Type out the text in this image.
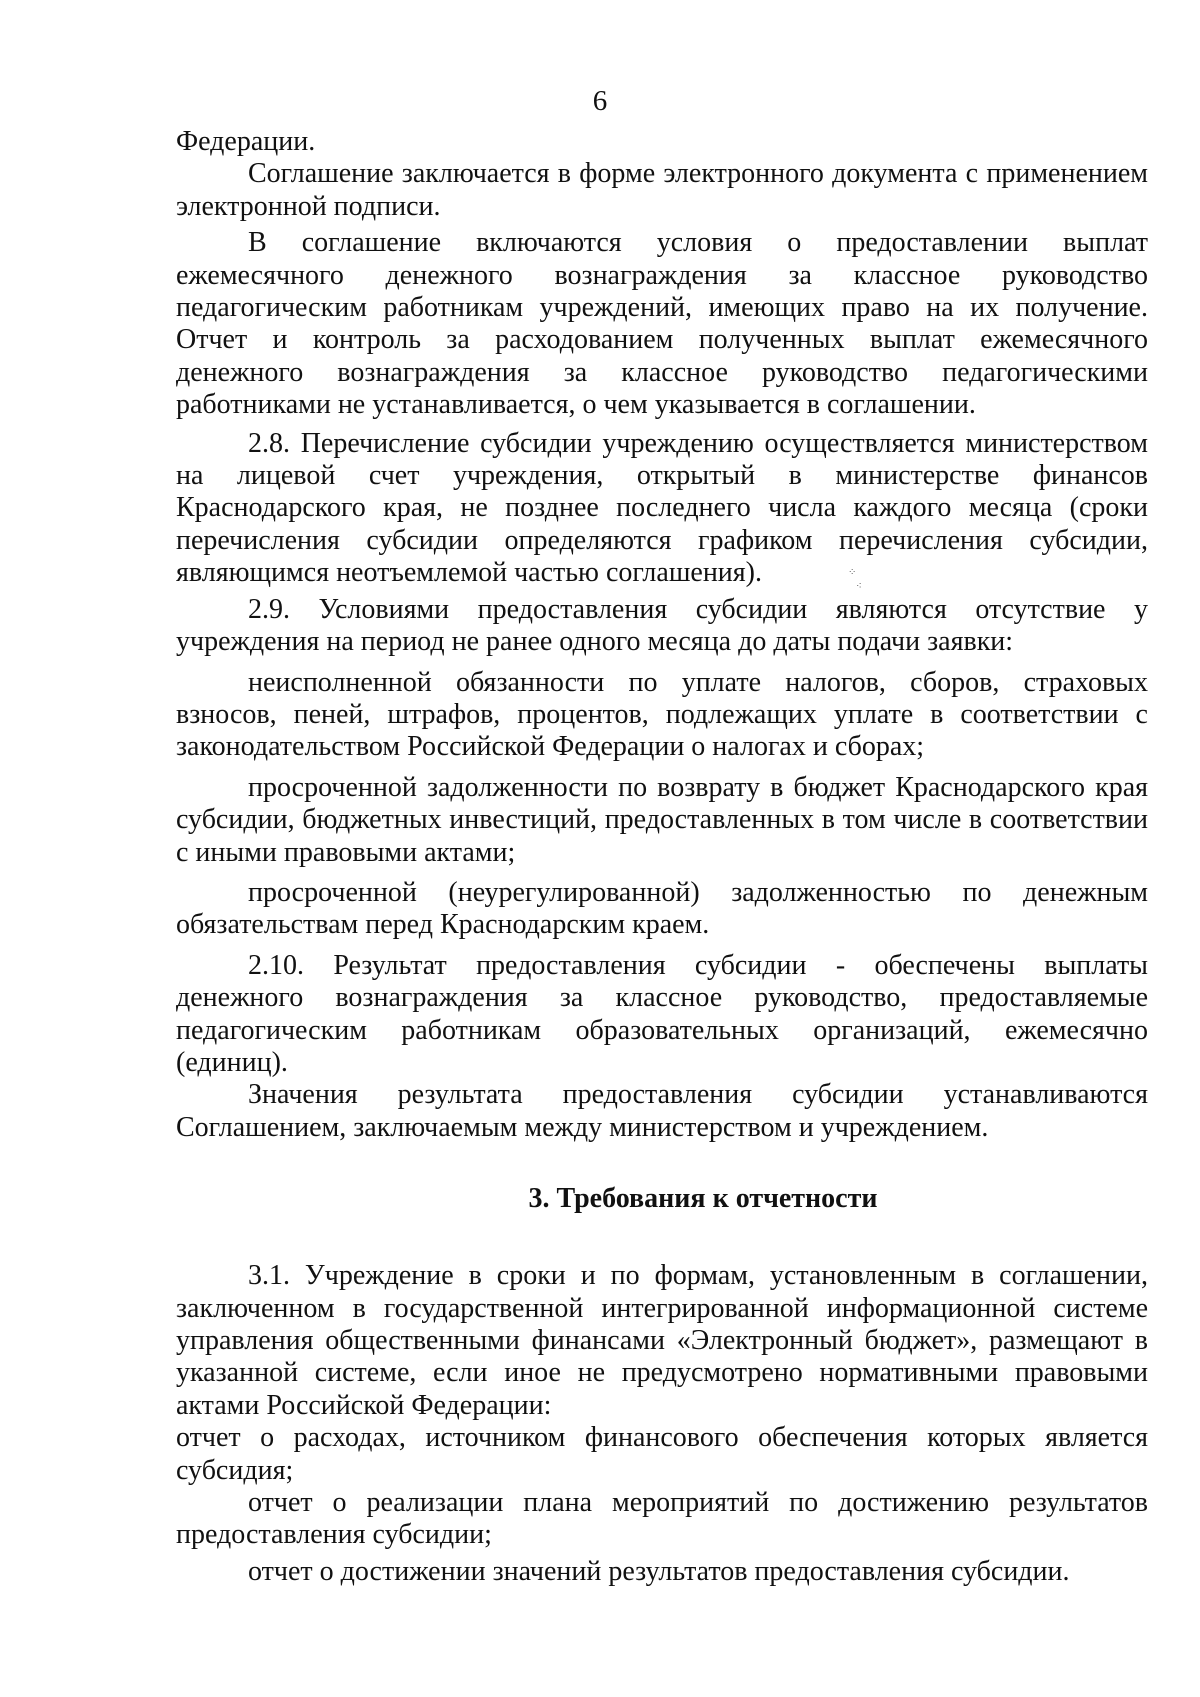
6

Федерации.

Соглашение заключается в форме электронного документа с применением электронной подписи.

В соглашение включаются условия о предоставлении выплат ежемесячного денежного вознаграждения за классное руководство педагогическим работникам учреждений, имеющих право на их получение. Отчет и контроль за расходованием полученных выплат ежемесячного денежного вознаграждения за классное руководство педагогическими работниками не устанавливается, о чем указывается в соглашении.

2.8. Перечисление субсидии учреждению осуществляется министерством на лицевой счет учреждения, открытый в министерстве финансов Краснодарского края, не позднее последнего числа каждого месяца (сроки перечисления субсидии определяются графиком перечисления субсидии, являющимся неотъемлемой частью соглашения).

2.9. Условиями предоставления субсидии являются отсутствие у учреждения на период не ранее одного месяца до даты подачи заявки:

неисполненной обязанности по уплате налогов, сборов, страховых взносов, пеней, штрафов, процентов, подлежащих уплате в соответствии с законодательством Российской Федерации о налогах и сборах;

просроченной задолженности по возврату в бюджет Краснодарского края субсидии, бюджетных инвестиций, предоставленных в том числе в соответствии с иными правовыми актами;

просроченной (неурегулированной) задолженностью по денежным обязательствам перед Краснодарским краем.

2.10. Результат предоставления субсидии - обеспечены выплаты денежного вознаграждения за классное руководство, предоставляемые педагогическим работникам образовательных организаций, ежемесячно (единиц).

Значения результата предоставления субсидии устанавливаются Соглашением, заключаемым между министерством и учреждением.

3. Требования к отчетности

3.1. Учреждение в сроки и по формам, установленным в соглашении, заключенном в государственной интегрированной информационной системе управления общественными финансами «Электронный бюджет», размещают в указанной системе, если иное не предусмотрено нормативными правовыми актами Российской Федерации:

отчет о расходах, источником финансового обеспечения которых является субсидия;

отчет о реализации плана мероприятий по достижению результатов предоставления субсидии;

отчет о достижении значений результатов предоставления субсидии.

⁘
⁖
